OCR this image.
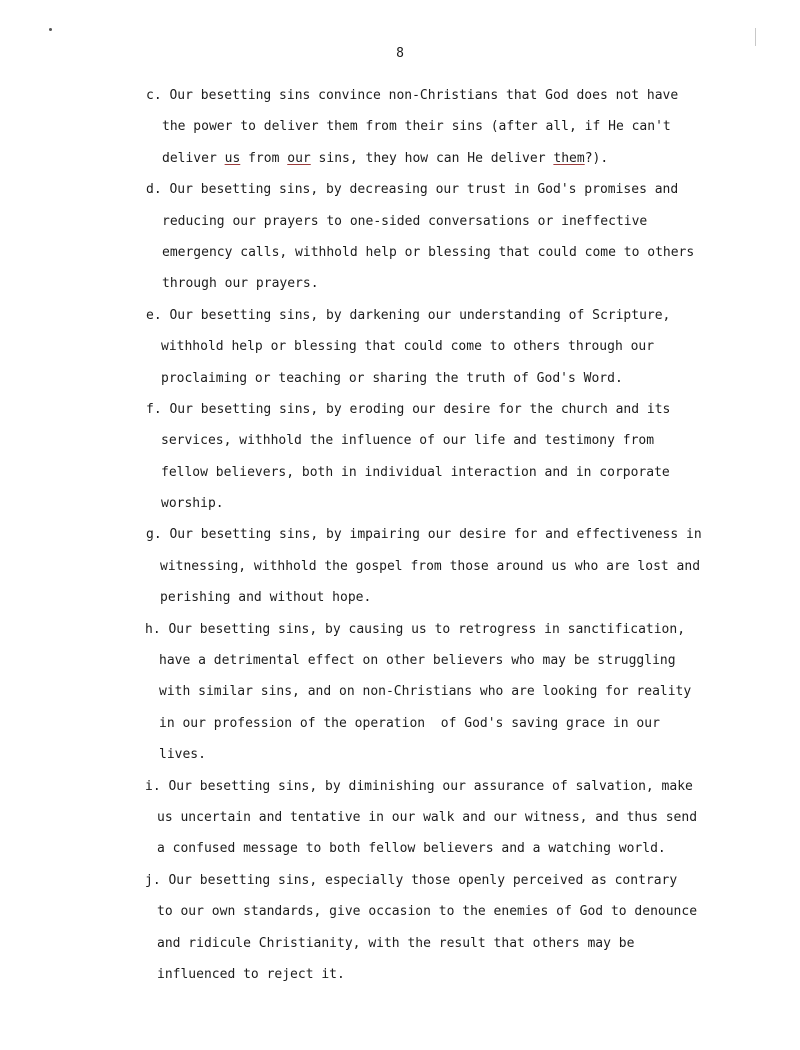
8
c. Our besetting sins convince non-Christians that God does not have
the power to deliver them from their sins (after all, if He can't
deliver us from our sins, they how can He deliver them?).
d. Our besetting sins, by decreasing our trust in God's promises and
reducing our prayers to one-sided conversations or ineffective
emergency calls, withhold help or blessing that could come to others
through our prayers.
e. Our besetting sins, by darkening our understanding of Scripture,
withhold help or blessing that could come to others through our
proclaiming or teaching or sharing the truth of God's Word.
f. Our besetting sins, by eroding our desire for the church and its
services, withhold the influence of our life and testimony from
fellow believers, both in individual interaction and in corporate
worship.
g. Our besetting sins, by impairing our desire for and effectiveness in
witnessing, withhold the gospel from those around us who are lost and
perishing and without hope.
h. Our besetting sins, by causing us to retrogress in sanctification,
have a detrimental effect on other believers who may be struggling
with similar sins, and on non-Christians who are looking for reality
in our profession of the operation  of God's saving grace in our
lives.
i. Our besetting sins, by diminishing our assurance of salvation, make
us uncertain and tentative in our walk and our witness, and thus send
a confused message to both fellow believers and a watching world.
j. Our besetting sins, especially those openly perceived as contrary
to our own standards, give occasion to the enemies of God to denounce
and ridicule Christianity, with the result that others may be
influenced to reject it.
